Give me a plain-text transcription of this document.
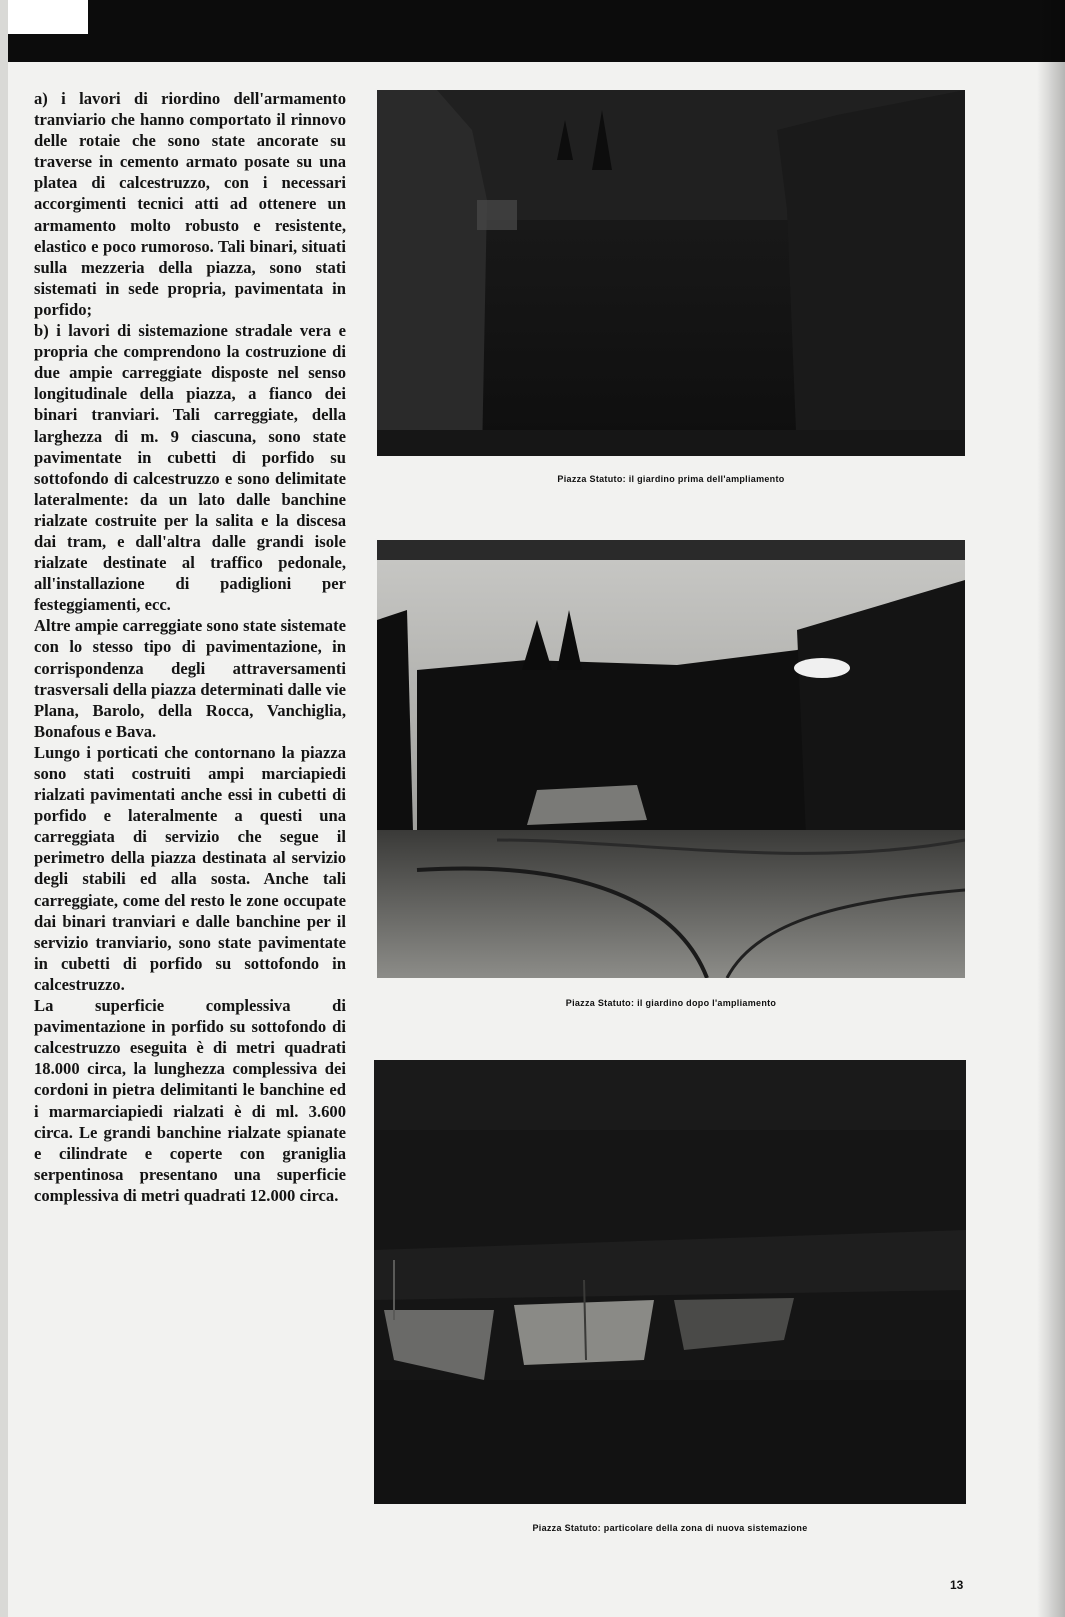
a) i lavori di riordino dell'armamento tranviario che hanno comportato il rinnovo delle rotaie che sono state ancorate su traverse in cemento armato posate su una platea di calcestruzzo, con i necessari accorgimenti tecnici atti ad ottenere un armamento molto robusto e resistente, elastico e poco rumoroso. Tali binari, situati sulla mezzeria della piazza, sono stati sistemati in sede propria, pavimentata in porfido;

b) i lavori di sistemazione stradale vera e propria che comprendono la costruzione di due ampie carreggiate disposte nel senso longitudinale della piazza, a fianco dei binari tranviari. Tali carreggiate, della larghezza di m. 9 ciascuna, sono state pavimentate in cubetti di porfido su sottofondo di calcestruzzo e sono delimitate lateralmente: da un lato dalle banchine rialzate costruite per la salita e la discesa dai tram, e dall'altra dalle grandi isole rialzate destinate al traffico pedonale, all'installazione di padiglioni per festeggiamenti, ecc.

Altre ampie carreggiate sono state sistemate con lo stesso tipo di pavimentazione, in corrispondenza degli attraversamenti trasversali della piazza determinati dalle vie Plana, Barolo, della Rocca, Vanchiglia, Bonafous e Bava.

Lungo i porticati che contornano la piazza sono stati costruiti ampi marciapiedi rialzati pavimentati anche essi in cubetti di porfido e lateralmente a questi una carreggiata di servizio che segue il perimetro della piazza destinata al servizio degli stabili ed alla sosta. Anche tali carreggiate, come del resto le zone occupate dai binari tranviari e dalle banchine per il servizio tranviario, sono state pavimentate in cubetti di porfido su sottofondo in calcestruzzo.

La superficie complessiva di pavimentazione in porfido su sottofondo di calcestruzzo eseguita è di metri quadrati 18.000 circa, la lunghezza complessiva dei cordoni in pietra delimitanti le banchine ed i marmarciapiedi rialzati è di ml. 3.600 circa. Le grandi banchine rialzate spianate e cilindrate e coperte con graniglia serpentinosa presentano una superficie complessiva di metri quadrati 12.000 circa.

Piazza Statuto: il giardino prima dell'ampliamento
Piazza Statuto: il giardino dopo l'ampliamento
Piazza Statuto: particolare della zona di nuova sistemazione
13
